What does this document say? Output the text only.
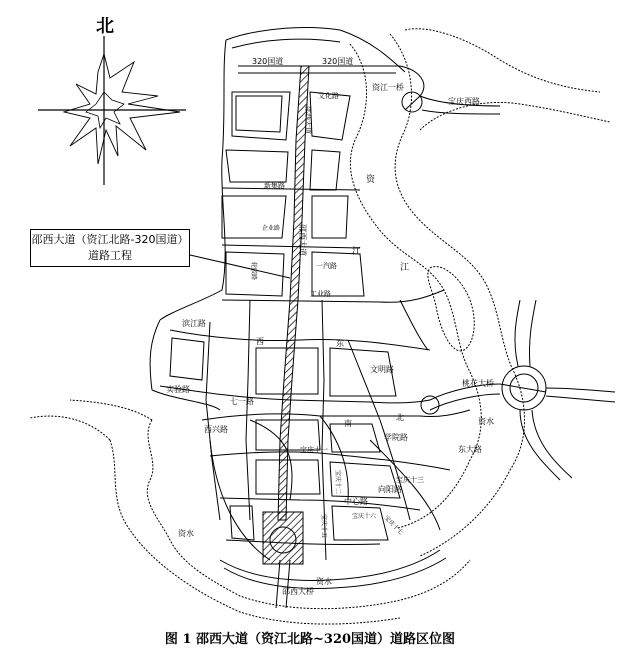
北
320国道	320国道
资江一桥
宝庆西路
文化路
邵西大道
新集路
企业路 邵西大道
一汽路
工业路
轮胶路
资
江
江
滨江路
西	东
文明路
桃花大桥
实验路
七一路
南
北	资水
宝庆十一
学院路
东大路
宝庆十二	宝庆十三
西兴路
中心路
向阳路
宝庆十五	宝庆十六 宝庆十七
资水
邵西大桥
资水
邵西大道（资江北路-320国道）
道路工程
图 1 邵西大道（资江北路~320国道）道路区位图
